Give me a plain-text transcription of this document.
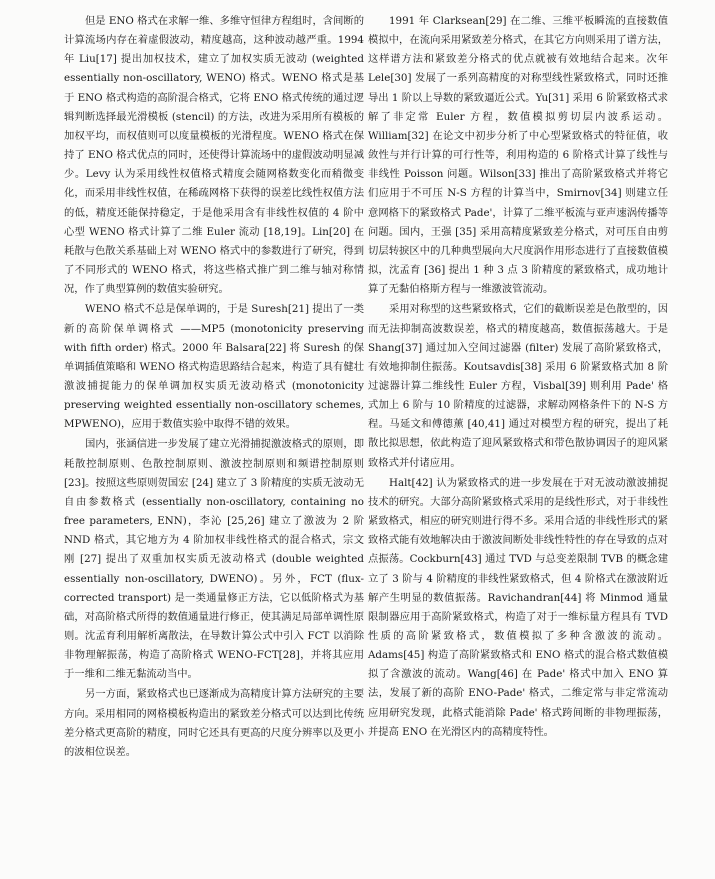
但是 ENO 格式在求解一维、多维守恒律方程组时，含间断的计算流场内存在着虚假波动，精度越高，这种波动越严重。1994 年 Liu[17] 提出加权技术，建立了加权实质无波动 (weighted essentially non-oscillatory, WENO) 格式。WENO 格式是基于 ENO 格式构造的高阶混合格式，它将 ENO 格式传统的通过逻辑判断选择最光滑模板 (stencil) 的方法，改进为采用所有模板的加权平均，而权值则可以度量模板的光滑程度。WENO 格式在保持了 ENO 格式优点的同时，还使得计算流场中的虚假波动明显减少。Levy 认为采用线性权值格式精度会随网格数变化而稍微变化，而采用非线性权值，在稀疏网格下获得的误差比线性权值方法的低，精度还能保持稳定，于是他采用含有非线性权值的 4 阶中心型 WENO 格式计算了二维 Euler 流动 [18,19]。Lin[20] 在耗散与色散关系基础上对 WENO 格式中的参数进行了研究，得到了不同形式的 WENO 格式，将这些格式推广到二维与轴对称情况，作了典型算例的数值实验研究。

WENO 格式不总是保单调的，于是 Suresh[21] 提出了一类新的高阶保单调格式 ——MP5 (monotonicity preserving with fifth order) 格式。2000 年 Balsara[22] 将 Suresh 的保单调插值策略和 WENO 格式构造思路结合起来，构造了具有健壮激波捕捉能力的保单调加权实质无波动格式 (monotonicity preserving weighted essentially non-oscillatory schemes, MPWENO)，应用于数值实验中取得不错的效果。

国内，张涵信进一步发展了建立光滑捕捉激波格式的原则，即耗散控制原则、色散控制原则、激波控制原则和频谱控制原则 [23]。按照这些原则贺国宏 [24] 建立了 3 阶精度的实质无波动无自由参数格式 (essentially non-oscillatory, containing no free parameters, ENN)，李沁 [25,26] 建立了激波为 2 阶 NND 格式，其它地方为 4 阶加权非线性格式的混合格式，宗文刚 [27] 提出了双重加权实质无波动格式 (double weighted essentially non-oscillatory, DWENO)。另外，FCT (flux-corrected transport) 是一类通量修正方法，它以低阶格式为基础，对高阶格式所得的数值通量进行修正，使其满足局部单调性原则。沈孟育利用解析离散法，在导数计算公式中引入 FCT 以消除非物理解振荡，构造了高阶格式 WENO-FCT[28]，并将其应用于一维和二维无黏流动当中。

另一方面，紧致格式也已逐渐成为高精度计算方法研究的主要方向。采用相同的网格模板构造出的紧致差分格式可以达到比传统差分格式更高阶的精度，同时它还具有更高的尺度分辨率以及更小的波相位误差。

1991 年 Clarksean[29] 在二维、三维平板瞬流的直接数值模拟中，在流向采用紧致差分格式，在其它方向则采用了谱方法，这样谱方法和紧致差分格式的优点就被有效地结合起来。次年 Lele[30] 发展了一系列高精度的对称型线性紧致格式，同时还推导出 1 阶以上导数的紧致逼近公式。Yu[31] 采用 6 阶紧致格式求解了非定常 Euler 方程，数值模拟剪切层内波系运动。William[32] 在论文中初步分析了中心型紧致格式的特征值，收敛性与并行计算的可行性等，利用构造的 6 阶格式计算了线性与非线性 Poisson 问题。Wilson[33] 推出了高阶紧致格式并将它们应用于不可压 N-S 方程的计算当中，Smirnov[34] 则建立任意网格下的紧致格式 Pade'，计算了二维平板流与亚声速涡传播等问题。国内，王强 [35] 采用高精度紧致差分格式，对可压自由剪切层转捩区中的几种典型展向大尺度涡作用形态进行了直接数值模拟，沈孟育 [36] 提出 1 种 3 点 3 阶精度的紧致格式，成功地计算了无黏伯格斯方程与一维激波管流动。

采用对称型的这些紧致格式，它们的截断误差是色散型的，因而无法抑制高波数误差，格式的精度越高，数值振荡越大。于是 Shang[37] 通过加入空间过滤器 (filter) 发展了高阶紧致格式，有效地抑制住振荡。Koutsavdis[38] 采用 6 阶紧致格式加 8 阶过滤器计算二维线性 Euler 方程，Visbal[39] 则利用 Pade' 格式加上 6 阶与 10 阶精度的过滤器，求解动网格条件下的 N-S 方程。马延文和傅德薰 [40,41] 通过对模型方程的研究，提出了耗散比拟思想，依此构造了迎风紧致格式和带色散协调因子的迎风紧致格式并付诸应用。

Halt[42] 认为紧致格式的进一步发展在于对无波动激波捕捉技术的研究。大部分高阶紧致格式采用的是线性形式，对于非线性紧致格式，相应的研究则进行得不多。采用合适的非线性形式的紧致格式能有效地解决由于激波间断处非线性特性的存在导致的点对点振荡。Cockburn[43] 通过 TVD 与总变差限制 TVB 的概念建立了 3 阶与 4 阶精度的非线性紧致格式，但 4 阶格式在激波附近解产生明显的数值振荡。Ravichandran[44] 将 Minmod 通量限制器应用于高阶紧致格式，构造了对于一维标量方程具有 TVD 性质的高阶紧致格式，数值模拟了多种含激波的流动。Adams[45] 构造了高阶紧致格式和 ENO 格式的混合格式数值模拟了含激波的流动。Wang[46] 在 Pade' 格式中加入 ENO 算法，发展了新的高阶 ENO-Pade' 格式，二维定常与非定常流动应用研究发现，此格式能消除 Pade' 格式跨间断的非物理振荡，并提高 ENO 在光滑区内的高精度特性。
